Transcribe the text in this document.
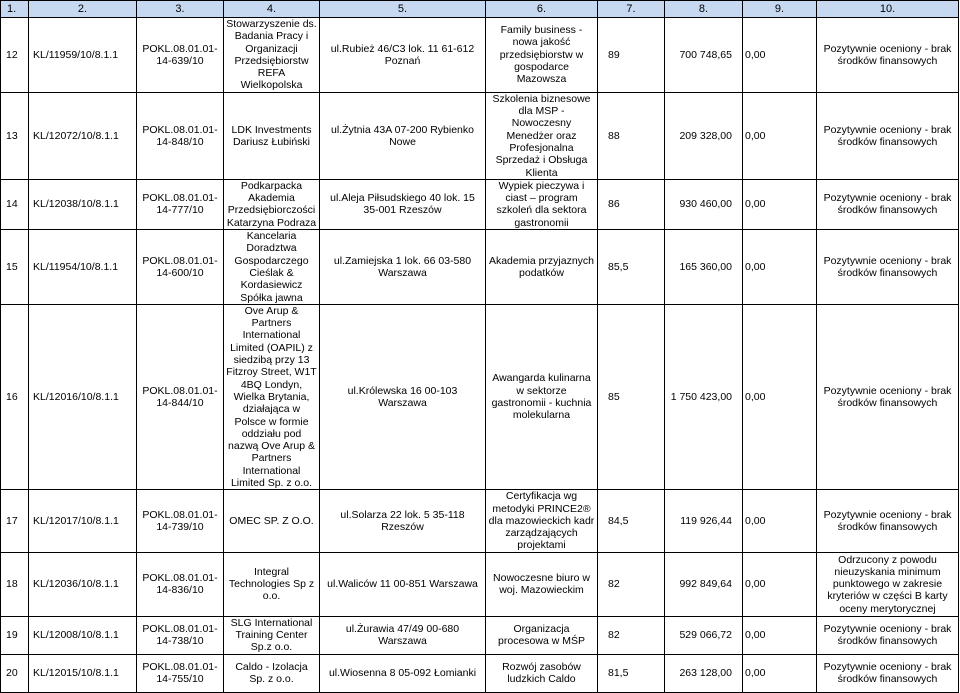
1.	2.	3.	4.	5.	6.	7.	8.	9.	10.
12	KL/11959/10/8.1.1	POKL.08.01.01-14-639/10	Stowarzyszenie ds. Badania Pracy i Organizacji Przedsiębiorstw REFA Wielkopolska	ul.Rubież 46/C3 lok. 11 61-612 Poznań	Family business - nowa jakość przedsiębiorstw w gospodarce Mazowsza	89	700 748,65	0,00	Pozytywnie oceniony - brak środków finansowych
13	KL/12072/10/8.1.1	POKL.08.01.01-14-848/10	LDK Investments Dariusz Łubiński	ul.Żytnia 43A 07-200 Rybienko Nowe	Szkolenia biznesowe dla MSP - Nowoczesny Menedżer oraz Profesjonalna Sprzedaż i Obsługa Klienta	88	209 328,00	0,00	Pozytywnie oceniony - brak środków finansowych
14	KL/12038/10/8.1.1	POKL.08.01.01-14-777/10	Podkarpacka Akademia Przedsiębiorczości Katarzyna Podraza	ul.Aleja Piłsudskiego 40 lok. 15 35-001 Rzeszów	Wypiek pieczywa i ciast – program szkoleń dla sektora gastronomii	86	930 460,00	0,00	Pozytywnie oceniony - brak środków finansowych
15	KL/11954/10/8.1.1	POKL.08.01.01-14-600/10	Kancelaria Doradztwa Gospodarczego Cieślak & Kordasiewicz Spółka jawna	ul.Zamiejska 1 lok. 66 03-580 Warszawa	Akademia przyjaznych podatków	85,5	165 360,00	0,00	Pozytywnie oceniony - brak środków finansowych
16	KL/12016/10/8.1.1	POKL.08.01.01-14-844/10	Ove Arup & Partners International Limited (OAPIL) z siedzibą przy 13 Fitzroy Street, W1T 4BQ Londyn, Wielka Brytania, działająca w Polsce w formie oddziału pod nazwą Ove Arup & Partners International Limited Sp. z o.o.	ul.Królewska 16 00-103 Warszawa	Awangarda kulinarna w sektorze gastronomii - kuchnia molekularna	85	1 750 423,00	0,00	Pozytywnie oceniony - brak środków finansowych
17	KL/12017/10/8.1.1	POKL.08.01.01-14-739/10	OMEC SP. Z O.O.	ul.Solarza 22 lok. 5 35-118 Rzeszów	Certyfikacja wg metodyki PRINCE2® dla mazowieckich kadr zarządzających projektami	84,5	119 926,44	0,00	Pozytywnie oceniony - brak środków finansowych
18	KL/12036/10/8.1.1	POKL.08.01.01-14-836/10	Integral Technologies Sp z o.o.	ul.Waliców 11 00-851 Warszawa	Nowoczesne biuro w woj. Mazowieckim	82	992 849,64	0,00	Odrzucony z powodu nieuzyskania minimum punktowego w zakresie kryteriów w części B karty oceny merytorycznej
19	KL/12008/10/8.1.1	POKL.08.01.01-14-738/10	SLG International Training Center Sp.z o.o.	ul.Żurawia 47/49 00-680 Warszawa	Organizacja procesowa w MŚP	82	529 066,72	0,00	Pozytywnie oceniony - brak środków finansowych
20	KL/12015/10/8.1.1	POKL.08.01.01-14-755/10	Caldo - Izolacja Sp. z o.o.	ul.Wiosenna 8 05-092 Łomianki	Rozwój zasobów ludzkich Caldo	81,5	263 128,00	0,00	Pozytywnie oceniony - brak środków finansowych
